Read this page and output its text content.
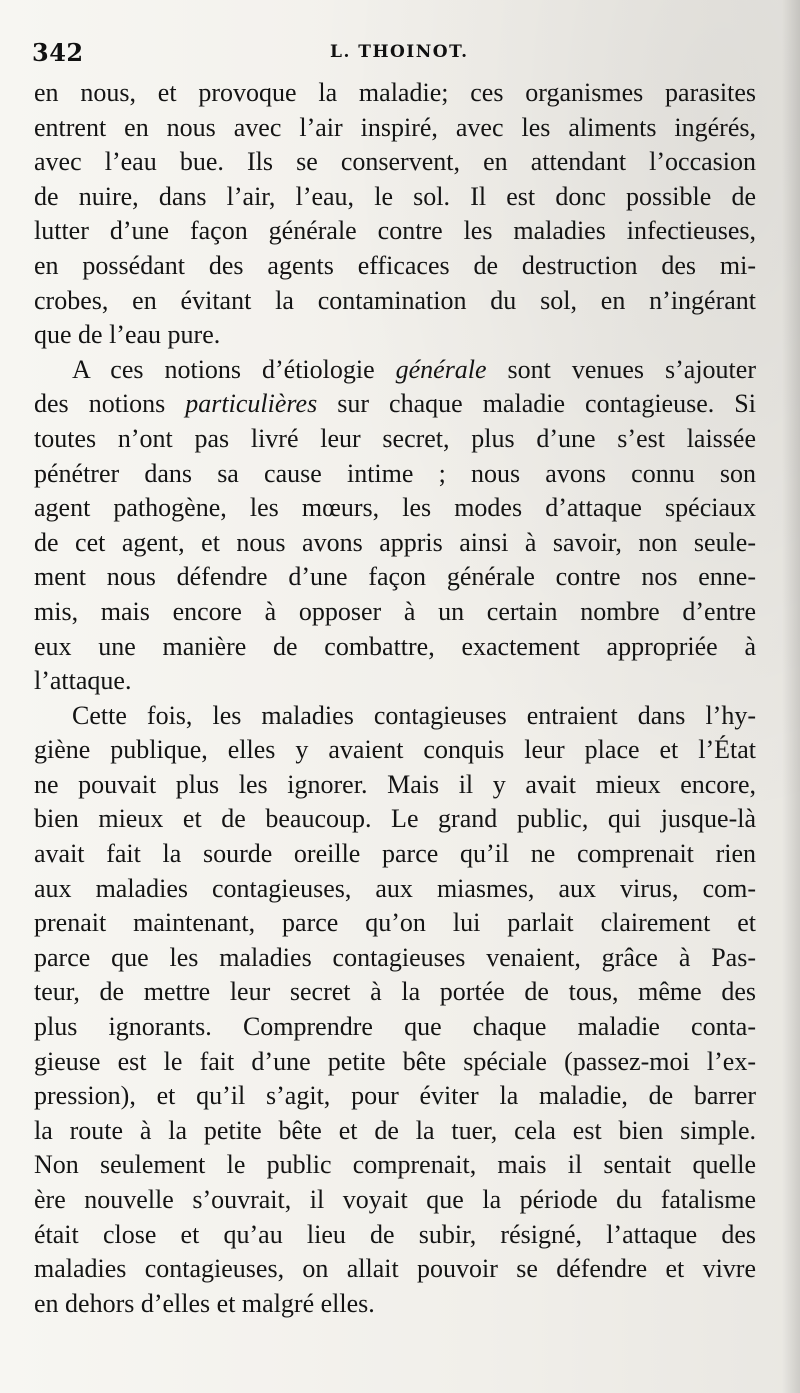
342	L. THOINOT.
en nous, et provoque la maladie; ces organismes parasites
entrent en nous avec l’air inspiré, avec les aliments ingérés,
avec l’eau bue. Ils se conservent, en attendant l’occasion
de nuire, dans l’air, l’eau, le sol. Il est donc possible de
lutter d’une façon générale contre les maladies infectieuses,
en possédant des agents efficaces de destruction des mi-
crobes, en évitant la contamination du sol, en n’ingérant
que de l’eau pure.
A ces notions d’étiologie générale sont venues s’ajouter
des notions particulières sur chaque maladie contagieuse. Si
toutes n’ont pas livré leur secret, plus d’une s’est laissée
pénétrer dans sa cause intime ; nous avons connu son
agent pathogène, les mœurs, les modes d’attaque spéciaux
de cet agent, et nous avons appris ainsi à savoir, non seule-
ment nous défendre d’une façon générale contre nos enne-
mis, mais encore à opposer à un certain nombre d’entre
eux une manière de combattre, exactement appropriée à
l’attaque.
Cette fois, les maladies contagieuses entraient dans l’hy-
giène publique, elles y avaient conquis leur place et l’État
ne pouvait plus les ignorer. Mais il y avait mieux encore,
bien mieux et de beaucoup. Le grand public, qui jusque-là
avait fait la sourde oreille parce qu’il ne comprenait rien
aux maladies contagieuses, aux miasmes, aux virus, com-
prenait maintenant, parce qu’on lui parlait clairement et
parce que les maladies contagieuses venaient, grâce à Pas-
teur, de mettre leur secret à la portée de tous, même des
plus ignorants. Comprendre que chaque maladie conta-
gieuse est le fait d’une petite bête spéciale (passez-moi l’ex-
pression), et qu’il s’agit, pour éviter la maladie, de barrer
la route à la petite bête et de la tuer, cela est bien simple.
Non seulement le public comprenait, mais il sentait quelle
ère nouvelle s’ouvrait, il voyait que la période du fatalisme
était close et qu’au lieu de subir, résigné, l’attaque des
maladies contagieuses, on allait pouvoir se défendre et vivre
en dehors d’elles et malgré elles.
